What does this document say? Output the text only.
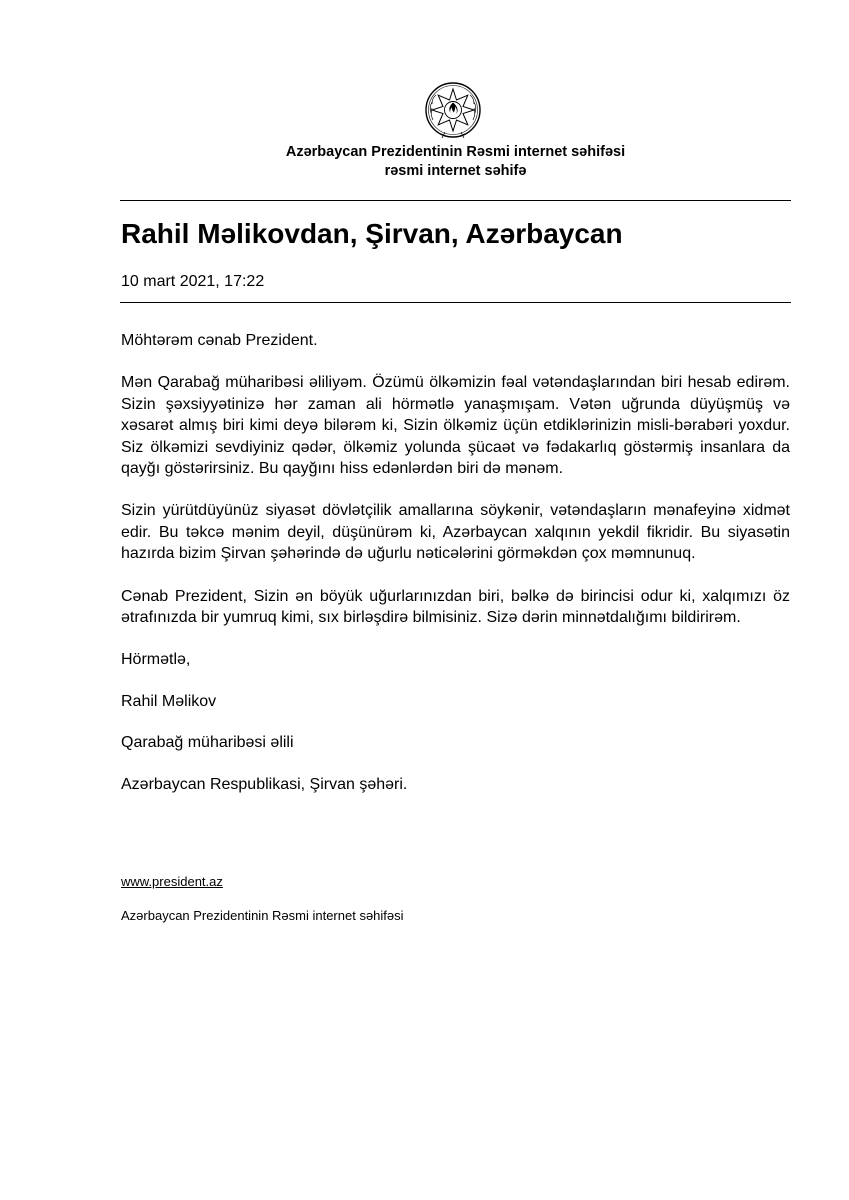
Azərbaycan Prezidentinin Rəsmi internet səhifəsi
rəsmi internet səhifə
Rahil Məlikovdan, Şirvan, Azərbaycan
10 mart 2021, 17:22

Möhtərəm cənab Prezident.

Mən Qarabağ müharibəsi əliliyəm. Özümü ölkəmizin fəal vətəndaşlarından biri hesab edirəm. Sizin şəxsiyyətinizə hər zaman ali hörmətlə yanaşmışam. Vətən uğrunda düyüşmüş və xəsarət almış biri kimi deyə bilərəm ki, Sizin ölkəmiz üçün etdiklərinizin misli-bərabəri yoxdur. Siz ölkəmizi sevdiyiniz qədər, ölkəmiz yolunda şücaət və fədakarlıq göstərmiş insanlara da qayğı göstərirsiniz. Bu qayğını hiss edənlərdən biri də mənəm.

Sizin yürütdüyünüz siyasət dövlətçilik amallarına söykənir, vətəndaşların mənafeyinə xidmət edir. Bu təkcə mənim deyil, düşünürəm ki, Azərbaycan xalqının yekdil fikridir. Bu siyasətin hazırda bizim Şirvan şəhərində də uğurlu nəticələrini görməkdən çox məmnunuq.

Cənab Prezident, Sizin ən böyük uğurlarınızdan biri, bəlkə də birincisi odur ki, xalqımızı öz ətrafınızda bir yumruq kimi, sıx birləşdirə bilmisiniz. Sizə dərin minnətdalığımı bildirirəm.

Hörmətlə,

Rahil Məlikov

Qarabağ müharibəsi əlili

Azərbaycan Respublikasi, Şirvan şəhəri.

www.president.az
Azərbaycan Prezidentinin Rəsmi internet səhifəsi
